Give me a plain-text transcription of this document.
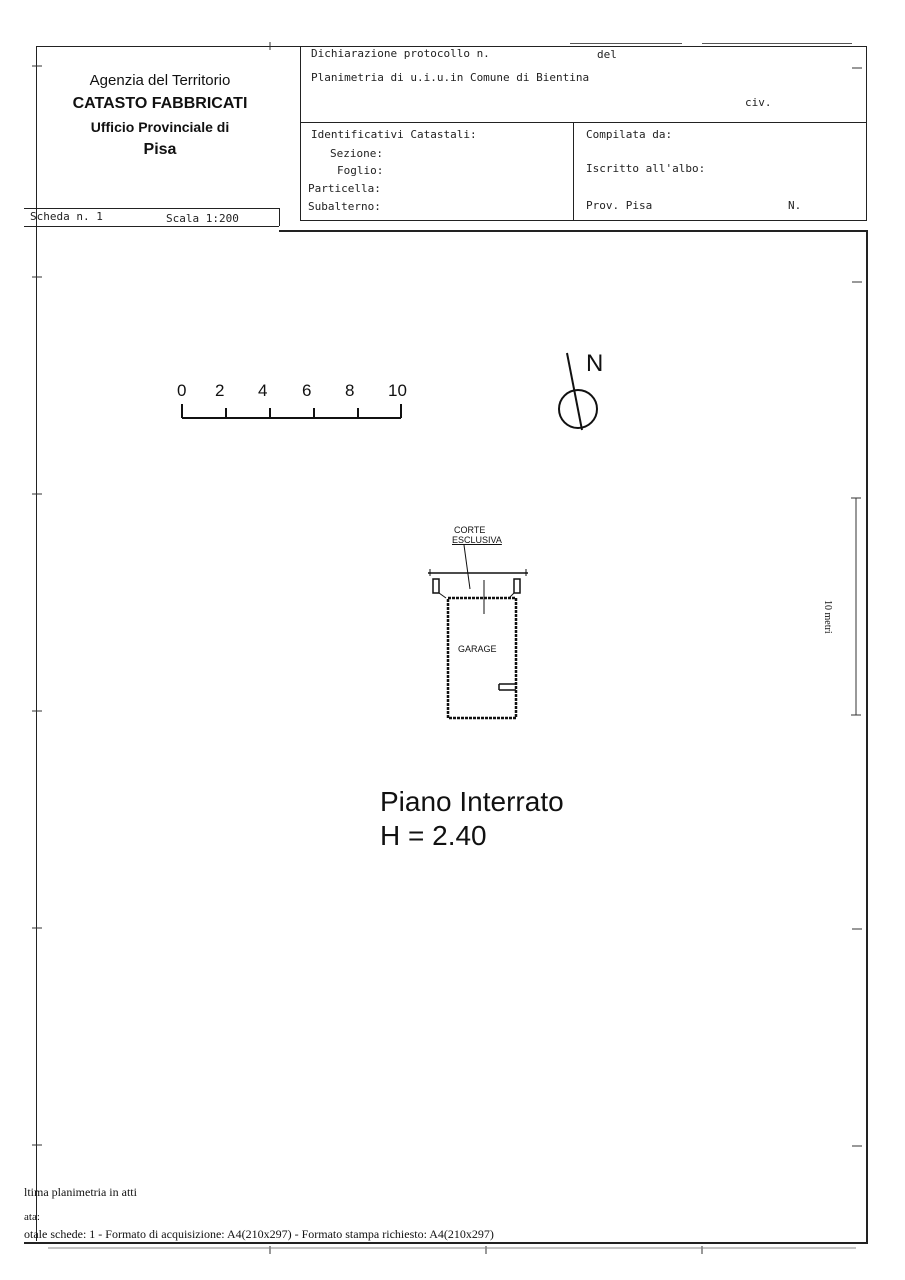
Agenzia del Territorio
CATASTO FABBRICATI
Ufficio Provinciale di
Pisa
Dichiarazione protocollo n.	del
Planimetria di u.i.u.in Comune di Bientina
civ.
Identificativi Catastali:
Sezione:
Foglio:
Particella:
Subalterno:
Compilata da:
Iscritto all'albo:
Prov. Pisa	N.
Scheda n. 1	Scala 1:200
10 metri
0 2 4 6 8 10
N
CORTE
ESCLUSIVA
GARAGE
Piano Interrato
H = 2.40
ltima planimetria in atti
ata:
otale schede: 1 - Formato di acquisizione: A4(210x297) - Formato stampa richiesto: A4(210x297)
